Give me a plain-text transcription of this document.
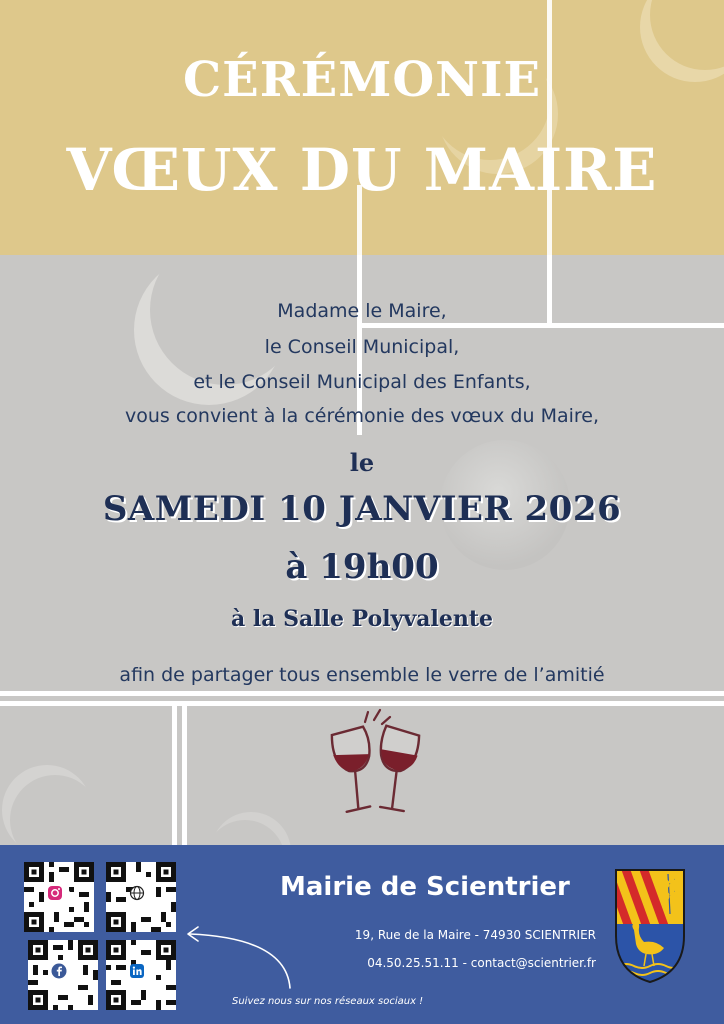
CÉRÉMONIE
VŒUX DU MAIRE
Madame le Maire,
le Conseil Municipal,
et le Conseil Municipal des Enfants,
vous convient à la cérémonie des vœux du Maire,
le
SAMEDI 10 JANVIER 2026
à 19h00
à la Salle Polyvalente
afin de partager tous ensemble le verre de l’amitié
Mairie de Scientrier
19, Rue de la Maire - 74930 SCIENTRIER
04.50.25.51.11 - contact@scientrier.fr
Suivez nous sur nos réseaux sociaux !
